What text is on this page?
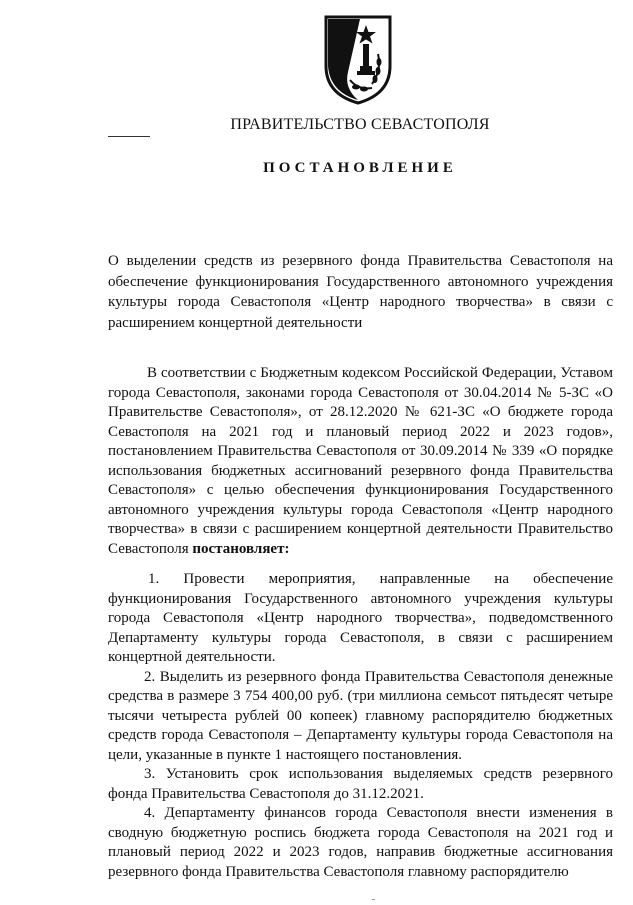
ПРАВИТЕЛЬСТВО СЕВАСТОПОЛЯ
ПОСТАНОВЛЕНИЕ
О выделении средств из резервного фонда Правительства Севастополя на обеспечение функционирования Государственного автономного учреждения культуры города Севастополя «Центр народного творчества» в связи с расширением концертной деятельности
В соответствии с Бюджетным кодексом Российской Федерации, Уставом города Севастополя, законами города Севастополя от 30.04.2014 № 5-ЗС «О Правительстве Севастополя», от 28.12.2020 № 621-ЗС «О бюджете города Севастополя на 2021 год и плановый период 2022 и 2023 годов», постановлением Правительства Севастополя от 30.09.2014 № 339 «О порядке использования бюджетных ассигнований резервного фонда Правительства Севастополя» с целью обеспечения функционирования Государственного автономного учреждения культуры города Севастополя «Центр народного творчества» в связи с расширением концертной деятельности Правительство Севастополя постановляет:

1. Провести мероприятия, направленные на обеспечение функционирования Государственного автономного учреждения культуры города Севастополя «Центр народного творчества», подведомственного Департаменту культуры города Севастополя, в связи с расширением концертной деятельности.

2. Выделить из резервного фонда Правительства Севастополя денежные средства в размере 3 754 400,00 руб. (три миллиона семьсот пятьдесят четыре тысячи четыреста рублей 00 копеек) главному распорядителю бюджетных средств города Севастополя – Департаменту культуры города Севастополя на цели, указанные в пункте 1 настоящего постановления.

3. Установить срок использования выделяемых средств резервного фонда Правительства Севастополя до 31.12.2021.

4. Департаменту финансов города Севастополя внести изменения в сводную бюджетную роспись бюджета города Севастополя на 2021 год и плановый период 2022 и 2023 годов, направив бюджетные ассигнования резервного фонда Правительства Севастополя главному распорядителю
